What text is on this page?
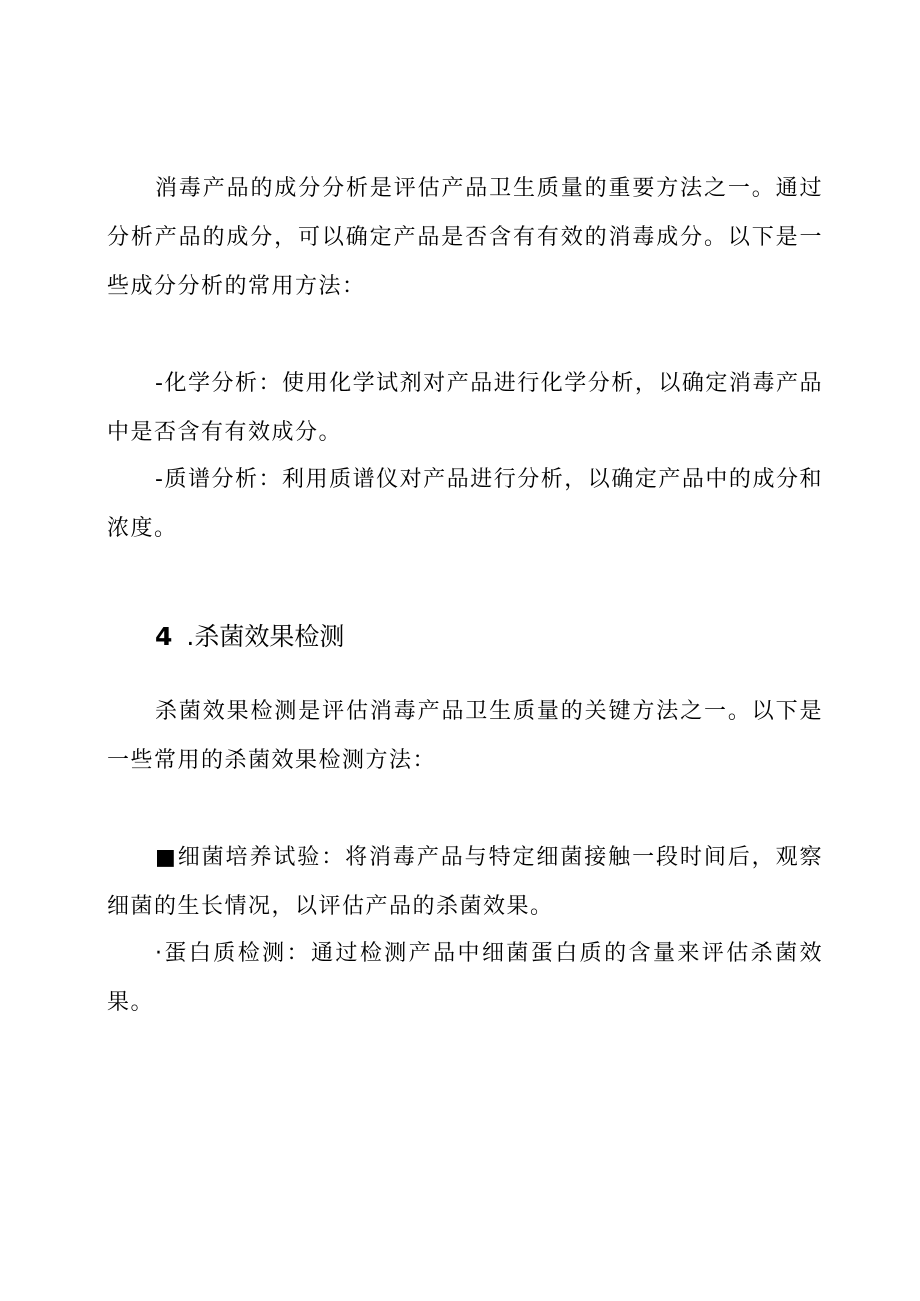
消毒产品的成分分析是评估产品卫生质量的重要方法之一。通过分析产品的成分，可以确定产品是否含有有效的消毒成分。以下是一些成分分析的常用方法：

-化学分析：使用化学试剂对产品进行化学分析，以确定消毒产品中是否含有有效成分。

-质谱分析：利用质谱仪对产品进行分析，以确定产品中的成分和浓度。

4 .杀菌效果检测

杀菌效果检测是评估消毒产品卫生质量的关键方法之一。以下是一些常用的杀菌效果检测方法：

■细菌培养试验：将消毒产品与特定细菌接触一段时间后，观察细菌的生长情况，以评估产品的杀菌效果。

·蛋白质检测：通过检测产品中细菌蛋白质的含量来评估杀菌效果。
